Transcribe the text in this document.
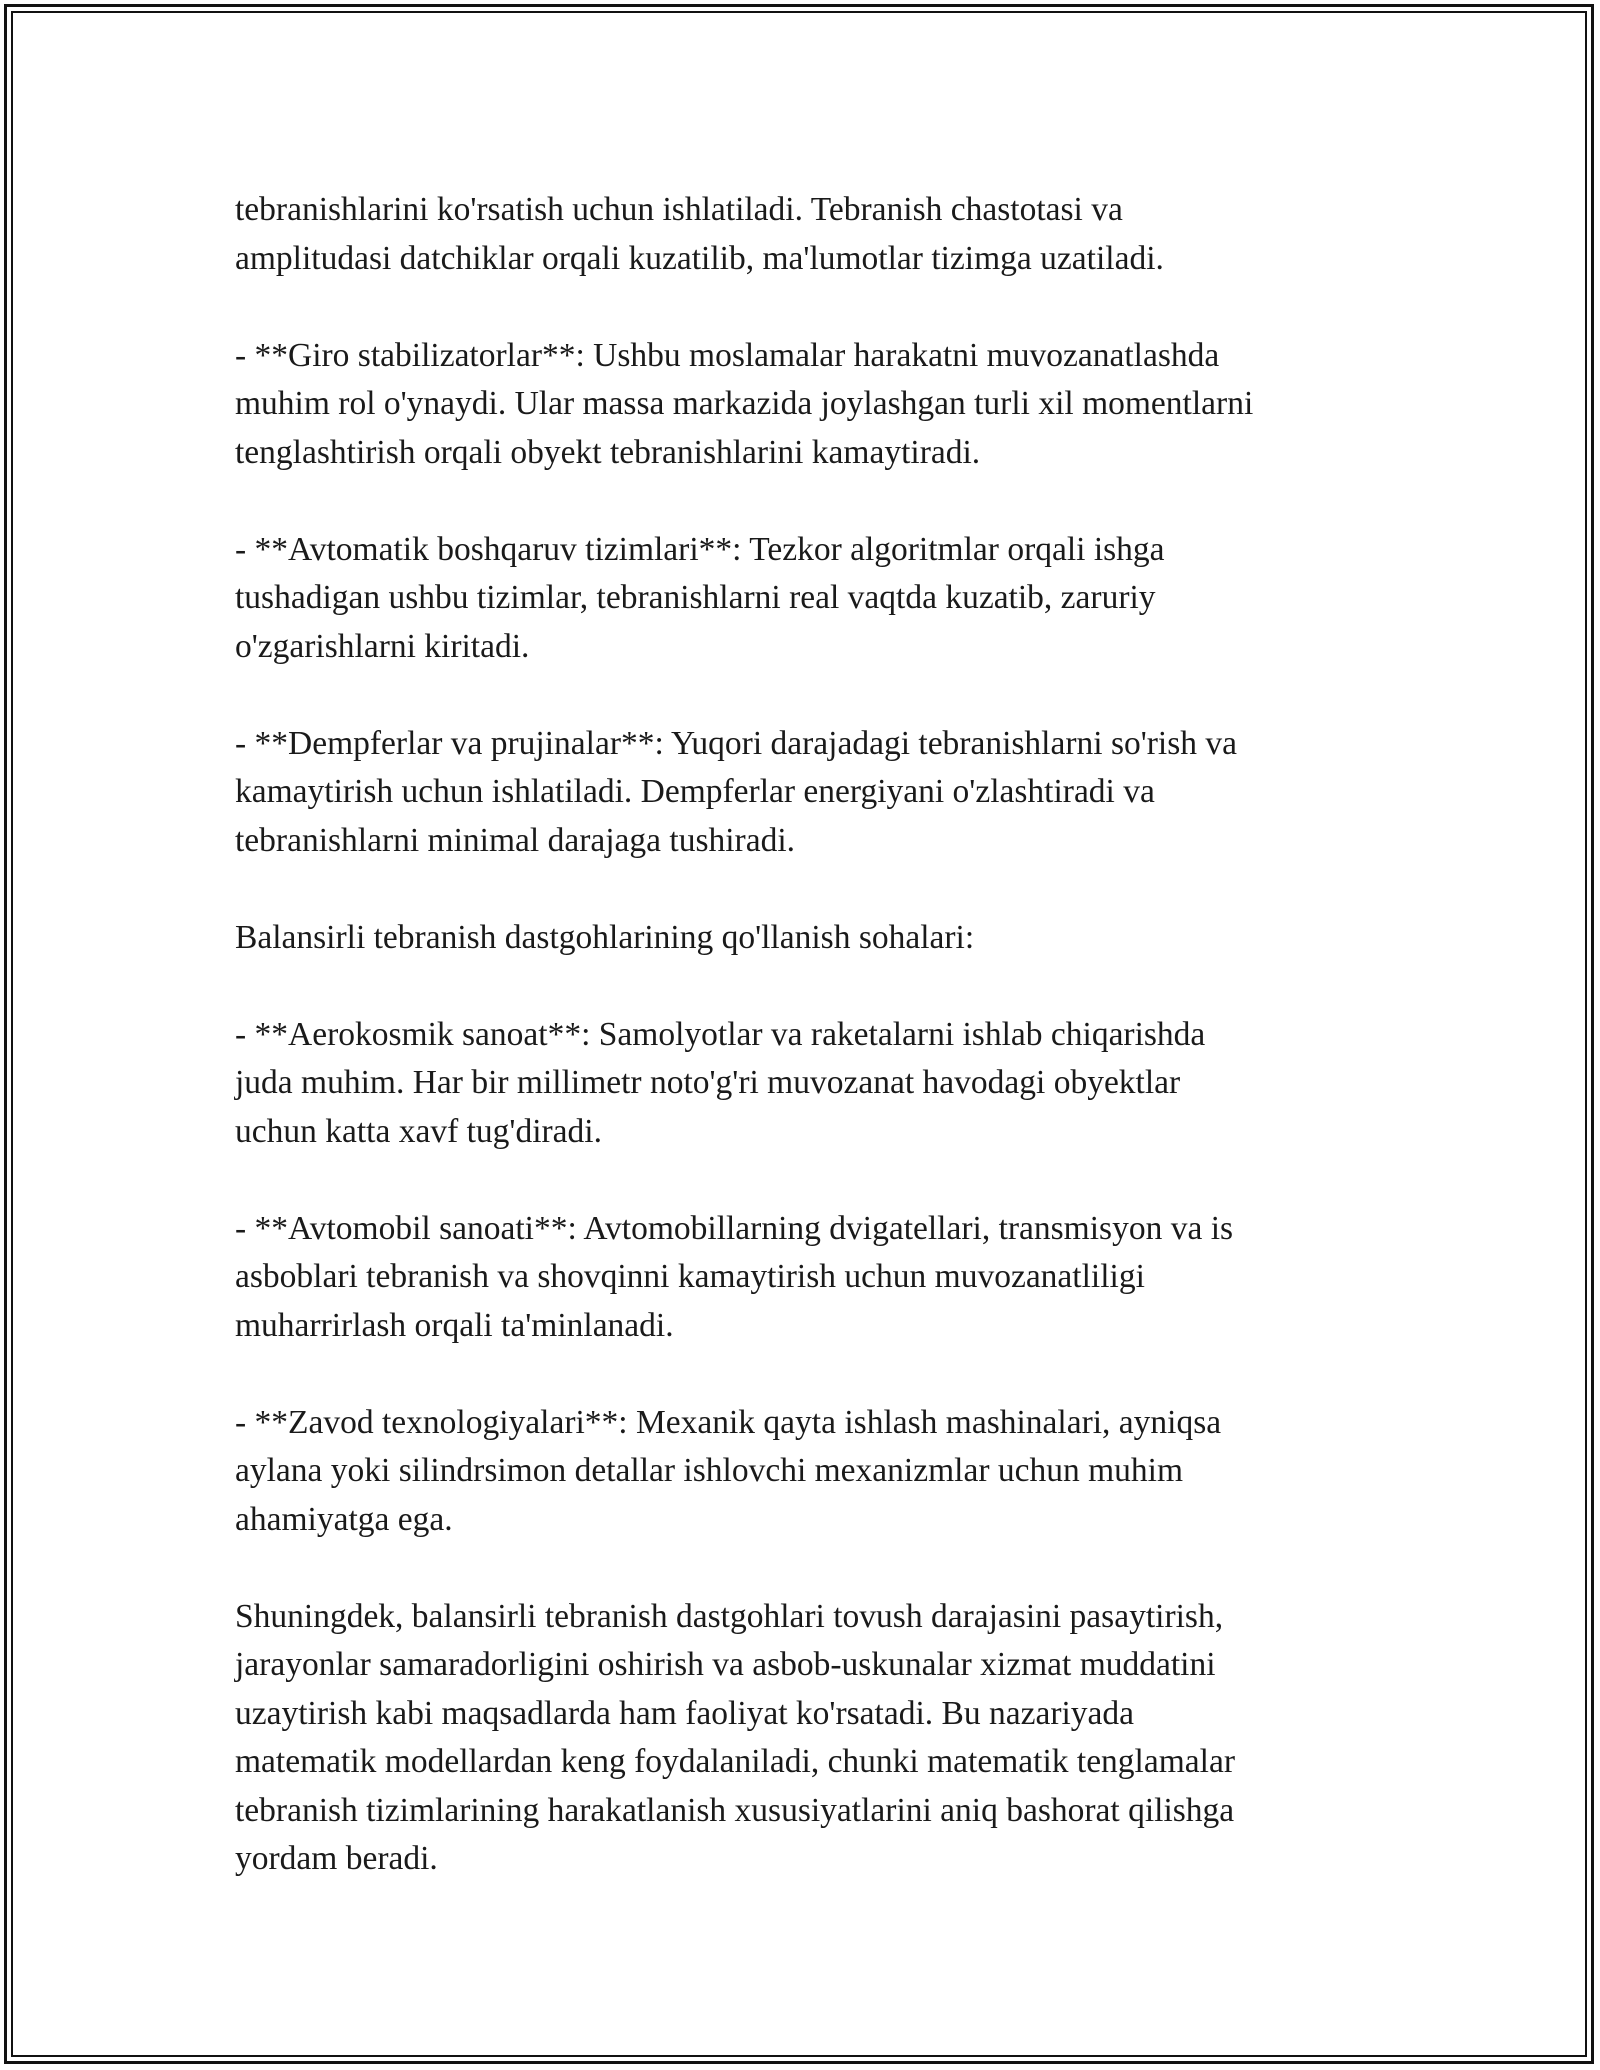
tebranishlarini ko'rsatish uchun ishlatiladi. Tebranish chastotasi va
amplitudasi datchiklar orqali kuzatilib, ma'lumotlar tizimga uzatiladi.

- **Giro stabilizatorlar**: Ushbu moslamalar harakatni muvozanatlashda
muhim rol o'ynaydi. Ular massa markazida joylashgan turli xil momentlarni
tenglashtirish orqali obyekt tebranishlarini kamaytiradi.

- **Avtomatik boshqaruv tizimlari**: Tezkor algoritmlar orqali ishga
tushadigan ushbu tizimlar, tebranishlarni real vaqtda kuzatib, zaruriy
o'zgarishlarni kiritadi.

- **Dempferlar va prujinalar**: Yuqori darajadagi tebranishlarni so'rish va
kamaytirish uchun ishlatiladi. Dempferlar energiyani o'zlashtiradi va
tebranishlarni minimal darajaga tushiradi.

Balansirli tebranish dastgohlarining qo'llanish sohalari:

- **Aerokosmik sanoat**: Samolyotlar va raketalarni ishlab chiqarishda
juda muhim. Har bir millimetr noto'g'ri muvozanat havodagi obyektlar
uchun katta xavf tug'diradi.

- **Avtomobil sanoati**: Avtomobillarning dvigatellari, transmisyon va is
asboblari tebranish va shovqinni kamaytirish uchun muvozanatliligi
muharrirlash orqali ta'minlanadi.

- **Zavod texnologiyalari**: Mexanik qayta ishlash mashinalari, ayniqsa
aylana yoki silindrsimon detallar ishlovchi mexanizmlar uchun muhim
ahamiyatga ega.

Shuningdek, balansirli tebranish dastgohlari tovush darajasini pasaytirish,
jarayonlar samaradorligini oshirish va asbob-uskunalar xizmat muddatini
uzaytirish kabi maqsadlarda ham faoliyat ko'rsatadi. Bu nazariyada
matematik modellardan keng foydalaniladi, chunki matematik tenglamalar
tebranish tizimlarining harakatlanish xususiyatlarini aniq bashorat qilishga
yordam beradi.
